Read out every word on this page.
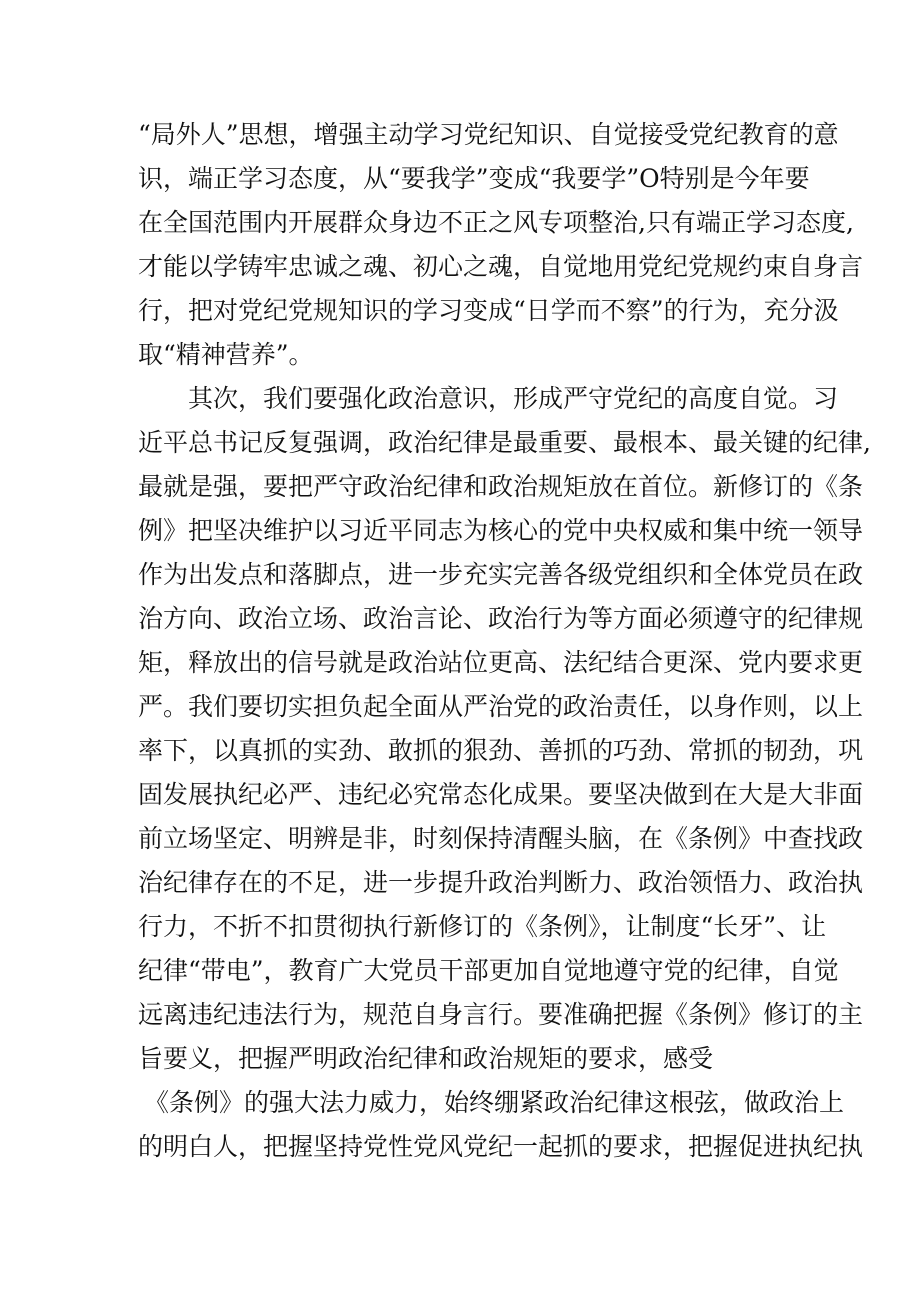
“局外人”思想，增强主动学习党纪知识、自觉接受党纪教育的意
识，端正学习态度，从“要我学”变成“我要学”O特别是今年要
在全国范围内开展群众身边不正之风专项整治,只有端正学习态度,
才能以学铸牢忠诚之魂、初心之魂，自觉地用党纪党规约束自身言
行，把对党纪党规知识的学习变成“日学而不察”的行为，充分汲
取“精神营养”。
其次，我们要强化政治意识，形成严守党纪的高度自觉。习
近平总书记反复强调，政治纪律是最重要、最根本、最关键的纪律,
最就是强，要把严守政治纪律和政治规矩放在首位。新修订的《条
例》把坚决维护以习近平同志为核心的党中央权威和集中统一领导
作为出发点和落脚点，进一步充实完善各级党组织和全体党员在政
治方向、政治立场、政治言论、政治行为等方面必须遵守的纪律规
矩，释放出的信号就是政治站位更高、法纪结合更深、党内要求更
严。我们要切实担负起全面从严治党的政治责任，以身作则，以上
率下，以真抓的实劲、敢抓的狠劲、善抓的巧劲、常抓的韧劲，巩
固发展执纪必严、违纪必究常态化成果。要坚决做到在大是大非面
前立场坚定、明辨是非，时刻保持清醒头脑，在《条例》中查找政
治纪律存在的不足，进一步提升政治判断力、政治领悟力、政治执
行力，不折不扣贯彻执行新修订的《条例》，让制度“长牙”、让
纪律“带电”，教育广大党员干部更加自觉地遵守党的纪律，自觉
远离违纪违法行为，规范自身言行。要准确把握《条例》修订的主
旨要义，把握严明政治纪律和政治规矩的要求，感受
《条例》的强大法力威力，始终绷紧政治纪律这根弦，做政治上
的明白人，把握坚持党性党风党纪一起抓的要求，把握促进执纪执
